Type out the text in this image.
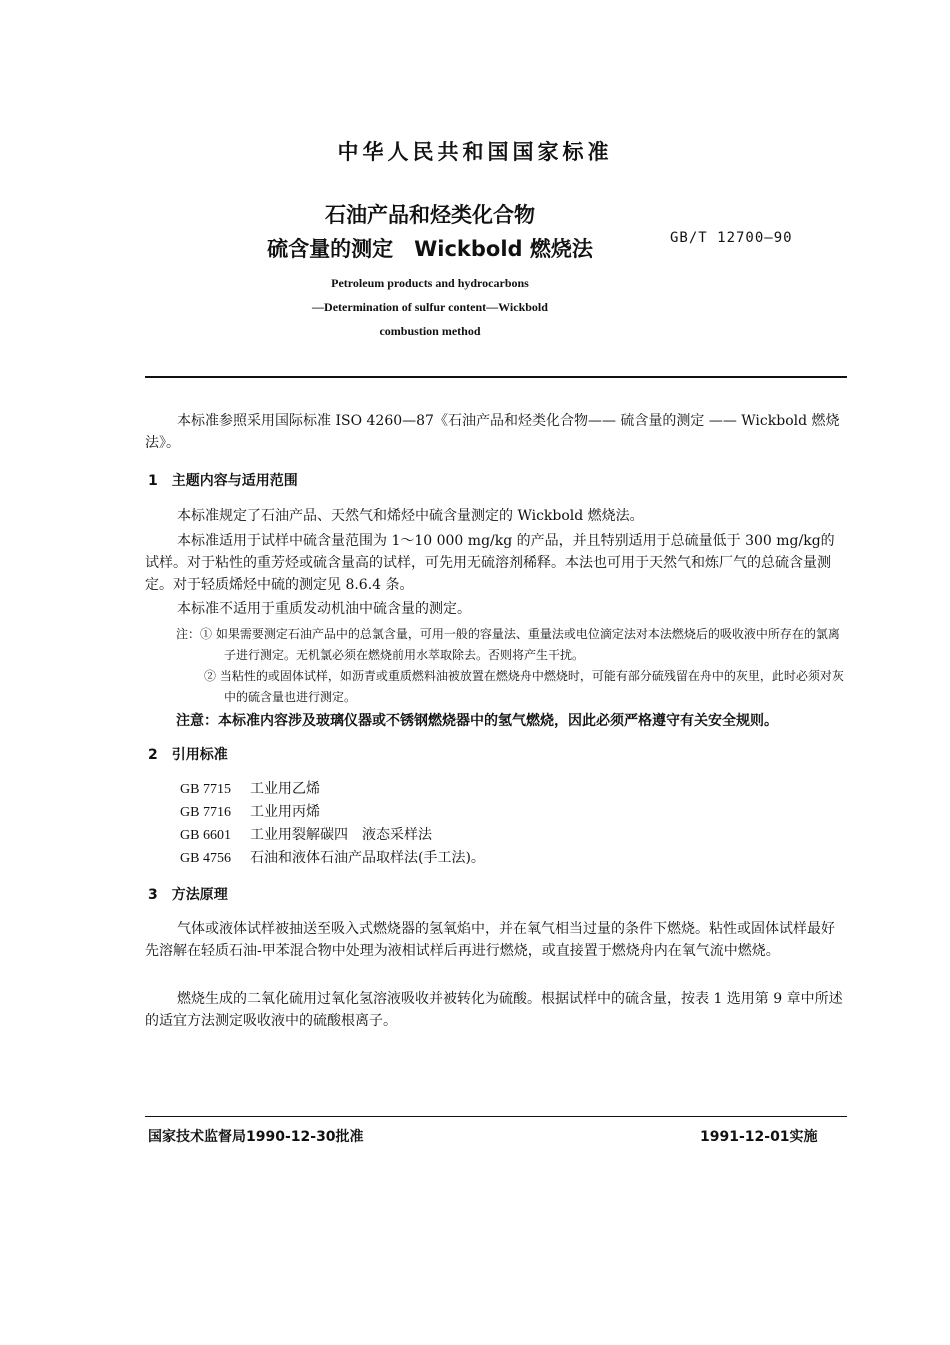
中华人民共和国国家标准
石油产品和烃类化合物
硫含量的测定　Wickbold 燃烧法	GB/T 12700—90
Petroleum products and hydrocarbons
—Determination of sulfur content—Wickbold
combustion method
本标准参照采用国际标准 ISO 4260—87《石油产品和烃类化合物—— 硫含量的测定 —— Wickbold 燃烧法》。
1　主题内容与适用范围
本标准规定了石油产品、天然气和烯烃中硫含量测定的 Wickbold 燃烧法。
本标准适用于试样中硫含量范围为 1～10 000 mg/kg 的产品，并且特别适用于总硫量低于 300 mg/kg的试样。对于粘性的重芳烃或硫含量高的试样，可先用无硫溶剂稀释。本法也可用于天然气和炼厂气的总硫含量测定。对于轻质烯烃中硫的测定见 8.6.4 条。
本标准不适用于重质发动机油中硫含量的测定。
注：① 如果需要测定石油产品中的总氯含量，可用一般的容量法、重量法或电位滴定法对本法燃烧后的吸收液中所存在的氯离子进行测定。无机氯必须在燃烧前用水萃取除去。否则将产生干扰。
② 当粘性的或固体试样，如沥青或重质燃料油被放置在燃烧舟中燃烧时，可能有部分硫残留在舟中的灰里，此时必须对灰中的硫含量也进行测定。
注意：本标准内容涉及玻璃仪器或不锈钢燃烧器中的氢气燃烧，因此必须严格遵守有关安全规则。
2　引用标准
GB 7715 工业用乙烯
GB 7716 工业用丙烯
GB 6601 工业用裂解碳四　液态采样法
GB 4756 石油和液体石油产品取样法(手工法)。
3　方法原理
气体或液体试样被抽送至吸入式燃烧器的氢氧焰中，并在氧气相当过量的条件下燃烧。粘性或固体试样最好先溶解在轻质石油-甲苯混合物中处理为液相试样后再进行燃烧，或直接置于燃烧舟内在氧气流中燃烧。
燃烧生成的二氧化硫用过氧化氢溶液吸收并被转化为硫酸。根据试样中的硫含量，按表 1 选用第 9 章中所述的适宜方法测定吸收液中的硫酸根离子。
国家技术监督局1990-12-30批准	1991-12-01实施
